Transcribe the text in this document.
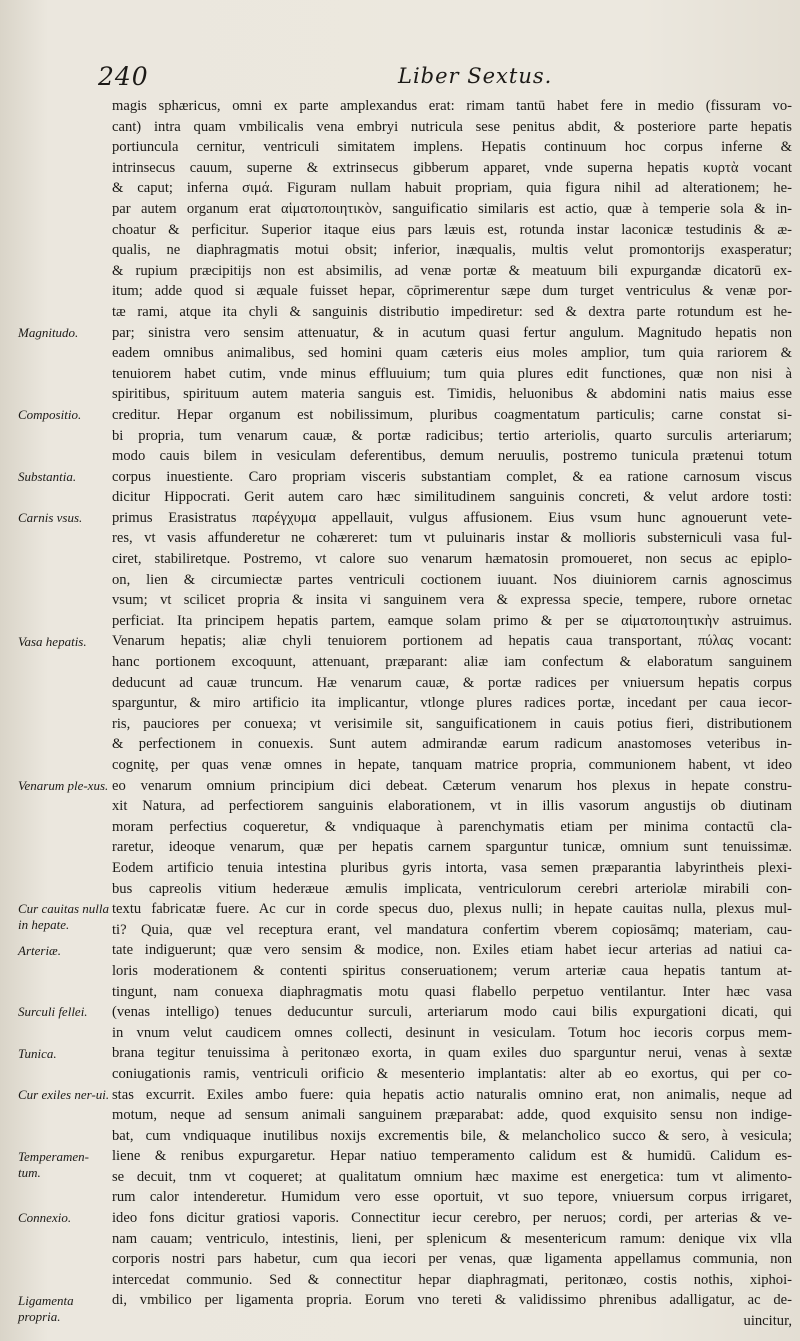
240	Liber Sextus.
Magnitudo.
Compositio.
Substantia.
Carnis vsus.
Vasa hepatis.
Venarum ple-xus.
Cur cauitas nulla in hepate.
Arteriæ.
Surculi fellei.
Tunica.
Cur exiles ner-ui.
Temperamen-tum.
Connexio.
Ligamenta propria.
magis sphæricus, omni ex parte amplexandus erat: rimam tantū habet fere in medio (fissuram vo-
cant) intra quam vmbilicalis vena embryi nutricula sese penitus abdit, & posteriore parte hepatis
portiuncula cernitur, ventriculi simitatem implens. Hepatis continuum hoc corpus inferne &
intrinsecus cauum, superne & extrinsecus gibberum apparet, vnde superna hepatis κυρτὰ vocant
& caput; inferna σιμά. Figuram nullam habuit propriam, quia figura nihil ad alterationem; he-
par autem organum erat αἱματοποιητικὸν, sanguificatio similaris est actio, quæ à temperie sola & in-
choatur & perficitur. Superior itaque eius pars læuis est, rotunda instar laconicæ testudinis & æ-
qualis, ne diaphragmatis motui obsit; inferior, inæqualis, multis velut promontorijs exasperatur;
& rupium præcipitijs non est absimilis, ad venæ portæ & meatuum bili expurgandæ dicatorū ex-
itum; adde quod si æquale fuisset hepar, cōprimerentur sæpe dum turget ventriculus & venæ por-
tæ rami, atque ita chyli & sanguinis distributio impediretur: sed & dextra parte rotundum est he-
par; sinistra vero sensim attenuatur, & in acutum quasi fertur angulum. Magnitudo hepatis non
eadem omnibus animalibus, sed homini quam cæteris eius moles amplior, tum quia rariorem &
tenuiorem habet cutim, vnde minus effluuium; tum quia plures edit functiones, quæ non nisi à
spiritibus, spirituum autem materia sanguis est. Timidis, heluonibus & abdomini natis maius esse
creditur. Hepar organum est nobilissimum, pluribus coagmentatum particulis; carne constat si-
bi propria, tum venarum cauæ, & portæ radicibus; tertio arteriolis, quarto surculis arteriarum;
modo cauis bilem in vesiculam deferentibus, demum neruulis, postremo tunicula prætenui totum
corpus inuestiente. Caro propriam visceris substantiam complet, & ea ratione carnosum viscus
dicitur Hippocrati. Gerit autem caro hæc similitudinem sanguinis concreti, & velut ardore tosti:
primus Erasistratus παρέγχυμα appellauit, vulgus affusionem. Eius vsum hunc agnouerunt vete-
res, vt vasis affunderetur ne cohæreret: tum vt puluinaris instar & mollioris substerniculi vasa ful-
ciret, stabiliretque. Postremo, vt calore suo venarum hæmatosin promoueret, non secus ac epiplo-
on, lien & circumiectæ partes ventriculi coctionem iuuant. Nos diuiniorem carnis agnoscimus
vsum; vt scilicet propria & insita vi sanguinem vera & expressa specie, tempere, rubore ornetac
perficiat. Ita principem hepatis partem, eamque solam primo & per se αἱματοποιητικὴν astruimus.
Venarum hepatis; aliæ chyli tenuiorem portionem ad hepatis caua transportant, πύλας vocant:
hanc portionem excoquunt, attenuant, præparant: aliæ iam confectum & elaboratum sanguinem
deducunt ad cauæ truncum. Hæ venarum cauæ, & portæ radices per vniuersum hepatis corpus
sparguntur, & miro artificio ita implicantur, vtlonge plures radices portæ, incedant per caua iecor-
ris, pauciores per conuexa; vt verisimile sit, sanguificationem in cauis potius fieri, distributionem
& perfectionem in conuexis. Sunt autem admirandæ earum radicum anastomoses veteribus in-
cognitę, per quas venæ omnes in hepate, tanquam matrice propria, communionem habent, vt ideo
eo venarum omnium principium dici debeat. Cæterum venarum hos plexus in hepate constru-
xit Natura, ad perfectiorem sanguinis elaborationem, vt in illis vasorum angustijs ob diutinam
moram perfectius coqueretur, & vndiquaque à parenchymatis etiam per minima contactū cla-
raretur, ideoque venarum, quæ per hepatis carnem sparguntur tunicæ, omnium sunt tenuissimæ.
Eodem artificio tenuia intestina pluribus gyris intorta, vasa semen præparantia labyrintheis plexi-
bus capreolis vitium hederæue æmulis implicata, ventriculorum cerebri arteriolæ mirabili con-
textu fabricatæ fuere. Ac cur in corde specus duo, plexus nulli; in hepate cauitas nulla, plexus mul-
ti? Quia, quæ vel receptura erant, vel mandatura confertim vberem copiosāmq; materiam, cau-
tate indiguerunt; quæ vero sensim & modice, non. Exiles etiam habet iecur arterias ad natiui ca-
loris moderationem & contenti spiritus conseruationem; verum arteriæ caua hepatis tantum at-
tingunt, nam conuexa diaphragmatis motu quasi flabello perpetuo ventilantur. Inter hæc vasa
(venas intelligo) tenues deducuntur surculi, arteriarum modo caui bilis expurgationi dicati, qui
in vnum velut caudicem omnes collecti, desinunt in vesiculam. Totum hoc iecoris corpus mem-
brana tegitur tenuissima à peritonæo exorta, in quam exiles duo sparguntur nerui, venas à sextæ
coniugationis ramis, ventriculi orificio & mesenterio implantatis: alter ab eo exortus, qui per co-
stas excurrit. Exiles ambo fuere: quia hepatis actio naturalis omnino erat, non animalis, neque ad
motum, neque ad sensum animali sanguinem præparabat: adde, quod exquisito sensu non indige-
bat, cum vndiquaque inutilibus noxijs excrementis bile, & melancholico succo & sero, à vesicula;
liene & renibus expurgaretur. Hepar natiuo temperamento calidum est & humidū. Calidum es-
se decuit, tnm vt coqueret; at qualitatum omnium hæc maxime est energetica: tum vt alimento-
rum calor intenderetur. Humidum vero esse oportuit, vt suo tepore, vniuersum corpus irrigaret,
ideo fons dicitur gratiosi vaporis. Connectitur iecur cerebro, per neruos; cordi, per arterias & ve-
nam cauam; ventriculo, intestinis, lieni, per splenicum & mesentericum ramum: denique vix vlla
corporis nostri pars habetur, cum qua iecori per venas, quæ ligamenta appellamus communia, non
intercedat communio. Sed & connectitur hepar diaphragmati, peritonæo, costis nothis, xiphoi-
di, vmbilico per ligamenta propria. Eorum vno tereti & validissimo phrenibus adalligatur, ac de-
uincitur,
